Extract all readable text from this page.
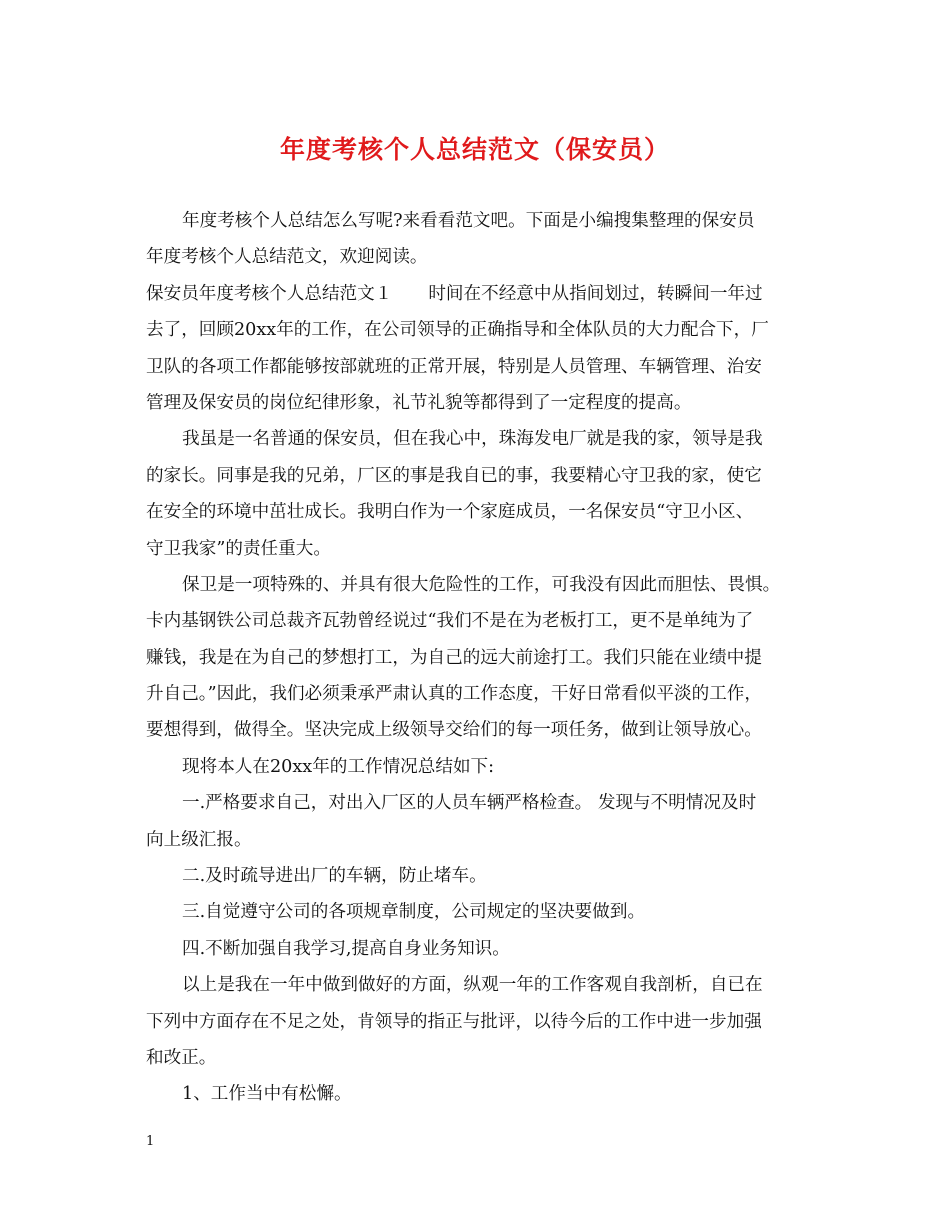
年度考核个人总结范文（保安员）
年度考核个人总结怎么写呢?来看看范文吧。下面是小编搜集整理的保安员
年度考核个人总结范文，欢迎阅读。
保安员年度考核个人总结范文１ 时间在不经意中从指间划过，转瞬间一年过
去了，回顾20xx年的工作，在公司领导的正确指导和全体队员的大力配合下，厂
卫队的各项工作都能够按部就班的正常开展，特别是人员管理、车辆管理、治安
管理及保安员的岗位纪律形象，礼节礼貌等都得到了一定程度的提高。
我虽是一名普通的保安员，但在我心中，珠海发电厂就是我的家，领导是我
的家长。同事是我的兄弟，厂区的事是我自已的事，我要精心守卫我的家，使它
在安全的环境中茁壮成长。我明白作为一个家庭成员，一名保安员“守卫小区、
守卫我家”的责任重大。
保卫是一项特殊的、并具有很大危险性的工作，可我没有因此而胆怯、畏惧。
卡内基钢铁公司总裁齐瓦勃曾经说过“我们不是在为老板打工，更不是单纯为了
赚钱，我是在为自己的梦想打工，为自己的远大前途打工。我们只能在业绩中提
升自己。”因此，我们必须秉承严肃认真的工作态度，干好日常看似平淡的工作，
要想得到，做得全。坚决完成上级领导交给们的每一项任务，做到让领导放心。
现将本人在20xx年的工作情况总结如下:
一.严格要求自己，对出入厂区的人员车辆严格检查。 发现与不明情况及时
向上级汇报。
二.及时疏导进出厂的车辆，防止堵车。
三.自觉遵守公司的各项规章制度，公司规定的坚决要做到。
四.不断加强自我学习,提高自身业务知识。
以上是我在一年中做到做好的方面，纵观一年的工作客观自我剖析，自已在
下列中方面存在不足之处，肯领导的指正与批评，以待今后的工作中进一步加强
和改正。
1、工作当中有松懈。
1
